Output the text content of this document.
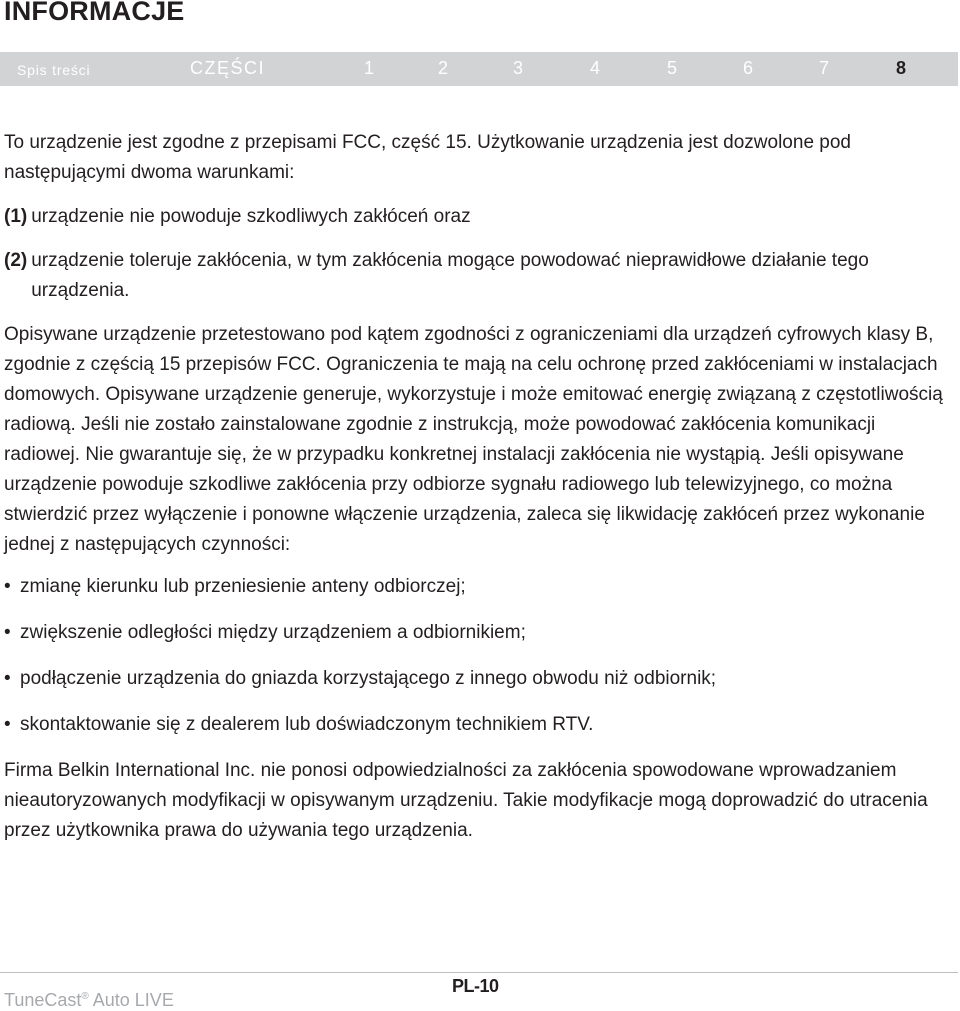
INFORMACJE
Spis treści	CZĘŚCI	1	2	3	4	5	6	7	8

To urządzenie jest zgodne z przepisami FCC, część 15. Użytkowanie urządzenia jest dozwolone pod następującymi dwoma warunkami:

(1) urządzenie nie powoduje szkodliwych zakłóceń oraz

(2) urządzenie toleruje zakłócenia, w tym zakłócenia mogące powodować nieprawidłowe działanie tego urządzenia.

Opisywane urządzenie przetestowano pod kątem zgodności z ograniczeniami dla urządzeń cyfrowych klasy B, zgodnie z częścią 15 przepisów FCC. Ograniczenia te mają na celu ochronę przed zakłóceniami w instalacjach domowych. Opisywane urządzenie generuje, wykorzystuje i może emitować energię związaną z częstotliwością radiową. Jeśli nie zostało zainstalowane zgodnie z instrukcją, może powodować zakłócenia komunikacji radiowej. Nie gwarantuje się, że w przypadku konkretnej instalacji zakłócenia nie wystąpią. Jeśli opisywane urządzenie powoduje szkodliwe zakłócenia przy odbiorze sygnału radiowego lub telewizyjnego, co można stwierdzić przez wyłączenie i ponowne włączenie urządzenia, zaleca się likwidację zakłóceń przez wykonanie jednej z następujących czynności:

• zmianę kierunku lub przeniesienie anteny odbiorczej;

• zwiększenie odległości między urządzeniem a odbiornikiem;

• podłączenie urządzenia do gniazda korzystającego z innego obwodu niż odbiornik;

• skontaktowanie się z dealerem lub doświadczonym technikiem RTV.

Firma Belkin International Inc. nie ponosi odpowiedzialności za zakłócenia spowodowane wprowadzaniem nieautoryzowanych modyfikacji w opisywanym urządzeniu. Takie modyfikacje mogą doprowadzić do utracenia przez użytkownika prawa do używania tego urządzenia.

TuneCast® Auto LIVE
PL-10
